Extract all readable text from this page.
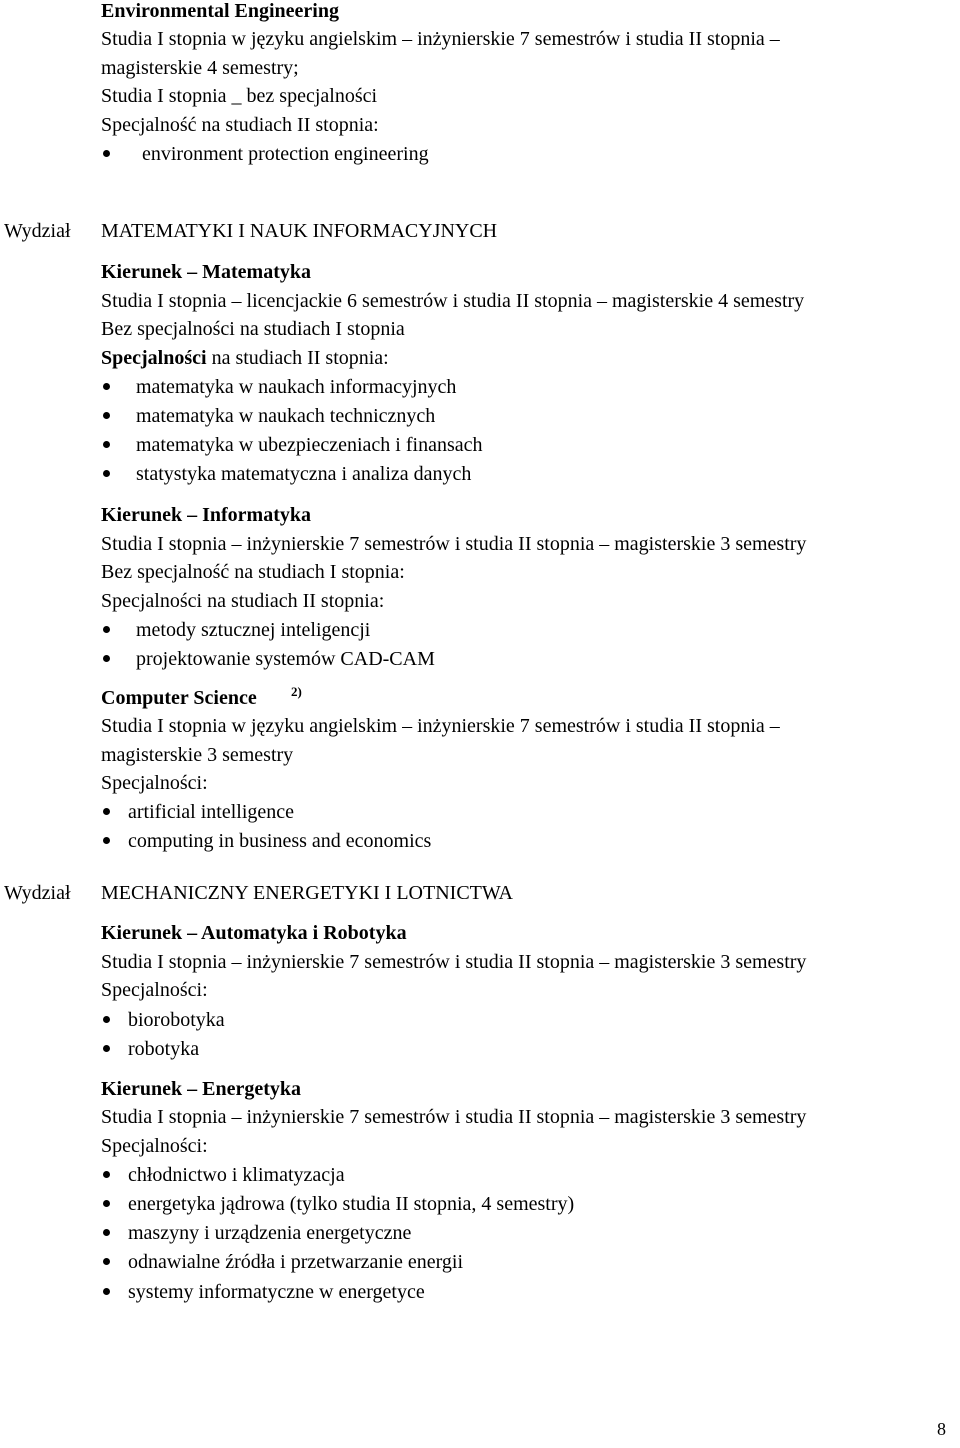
Environmental Engineering
Studia I stopnia w języku angielskim – inżynierskie 7 semestrów i studia II stopnia –
magisterskie 4 semestry;
Studia I stopnia _ bez specjalności
Specjalność na studiach II stopnia:
environment protection engineering
Wydział MATEMATYKI I NAUK INFORMACYJNYCH
Kierunek – Matematyka
Studia I stopnia – licencjackie 6 semestrów i studia II stopnia – magisterskie 4 semestry
Bez specjalności na studiach I stopnia
Specjalności na studiach II stopnia:
matematyka w naukach informacyjnych
matematyka w naukach technicznych
matematyka w ubezpieczeniach i finansach
statystyka matematyczna i analiza danych
Kierunek – Informatyka
Studia I stopnia – inżynierskie 7 semestrów i studia II stopnia – magisterskie 3 semestry
Bez specjalność na studiach I stopnia:
Specjalności na studiach II stopnia:
metody sztucznej inteligencji
projektowanie systemów CAD-CAM
Computer Science	2)
Studia I stopnia w języku angielskim – inżynierskie 7 semestrów i studia II stopnia –
magisterskie 3 semestry
Specjalności:
artificial intelligence
computing in business and economics
Wydział MECHANICZNY ENERGETYKI I LOTNICTWA
Kierunek – Automatyka i Robotyka
Studia I stopnia – inżynierskie 7 semestrów i studia II stopnia – magisterskie 3 semestry
Specjalności:
biorobotyka
robotyka
Kierunek – Energetyka
Studia I stopnia – inżynierskie 7 semestrów i studia II stopnia – magisterskie 3 semestry
Specjalności:
chłodnictwo i klimatyzacja
energetyka jądrowa (tylko studia II stopnia, 4 semestry)
maszyny i urządzenia energetyczne
odnawialne źródła i przetwarzanie energii
systemy informatyczne w energetyce
8
